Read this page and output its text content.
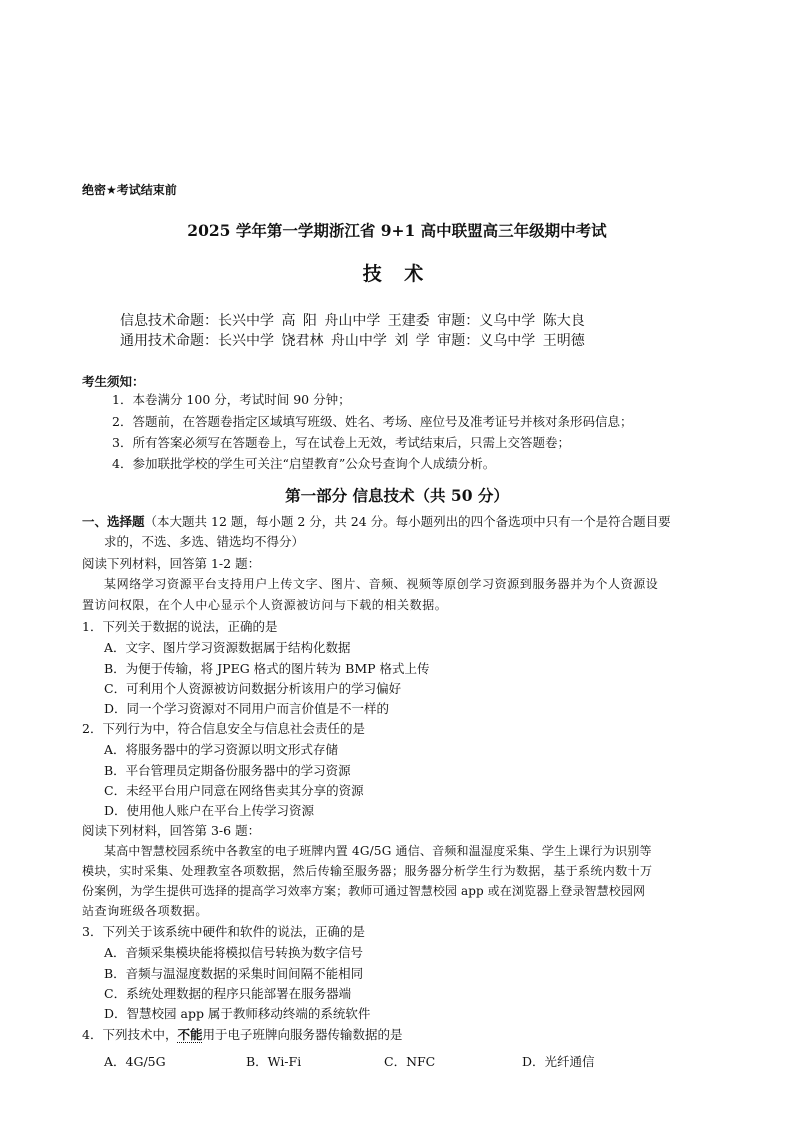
绝密★考试结束前
2025 学年第一学期浙江省 9+1 高中联盟高三年级期中考试
技 术
信息技术命题：长兴中学 高 阳 舟山中学 王建委 审题：义乌中学 陈大良
通用技术命题：长兴中学 饶君林 舟山中学 刘 学 审题：义乌中学 王明德
考生须知：
1．本卷满分 100 分，考试时间 90 分钟；
2．答题前，在答题卷指定区域填写班级、姓名、考场、座位号及准考证号并核对条形码信息；
3．所有答案必须写在答题卷上，写在试卷上无效，考试结束后，只需上交答题卷；
4．参加联批学校的学生可关注“启望教育”公众号查询个人成绩分析。
第一部分 信息技术（共 50 分）
一、选择题（本大题共 12 题，每小题 2 分，共 24 分。每小题列出的四个备选项中只有一个是符合题目要
求的，不选、多选、错选均不得分）
阅读下列材料，回答第 1-2 题：
某网络学习资源平台支持用户上传文字、图片、音频、视频等原创学习资源到服务器并为个人资源设
置访问权限，在个人中心显示个人资源被访问与下载的相关数据。
1．下列关于数据的说法，正确的是
A．文字、图片学习资源数据属于结构化数据
B．为便于传输，将 JPEG 格式的图片转为 BMP 格式上传
C．可利用个人资源被访问数据分析该用户的学习偏好
D．同一个学习资源对不同用户而言价值是不一样的
2．下列行为中，符合信息安全与信息社会责任的是
A．将服务器中的学习资源以明文形式存储
B．平台管理员定期备份服务器中的学习资源
C．未经平台用户同意在网络售卖其分享的资源
D．使用他人账户在平台上传学习资源
阅读下列材料，回答第 3-6 题：
某高中智慧校园系统中各教室的电子班牌内置 4G/5G 通信、音频和温湿度采集、学生上课行为识别等
模块，实时采集、处理教室各项数据，然后传输至服务器；服务器分析学生行为数据，基于系统内数十万
份案例，为学生提供可选择的提高学习效率方案；教师可通过智慧校园 app 或在浏览器上登录智慧校园网
站查询班级各项数据。
3．下列关于该系统中硬件和软件的说法，正确的是
A．音频采集模块能将模拟信号转换为数字信号
B．音频与温湿度数据的采集时间间隔不能相同
C．系统处理数据的程序只能部署在服务器端
D．智慧校园 app 属于教师移动终端的系统软件
4．下列技术中，不能用于电子班牌向服务器传输数据的是
A．4G/5G	B．Wi-Fi	C．NFC	D．光纤通信
